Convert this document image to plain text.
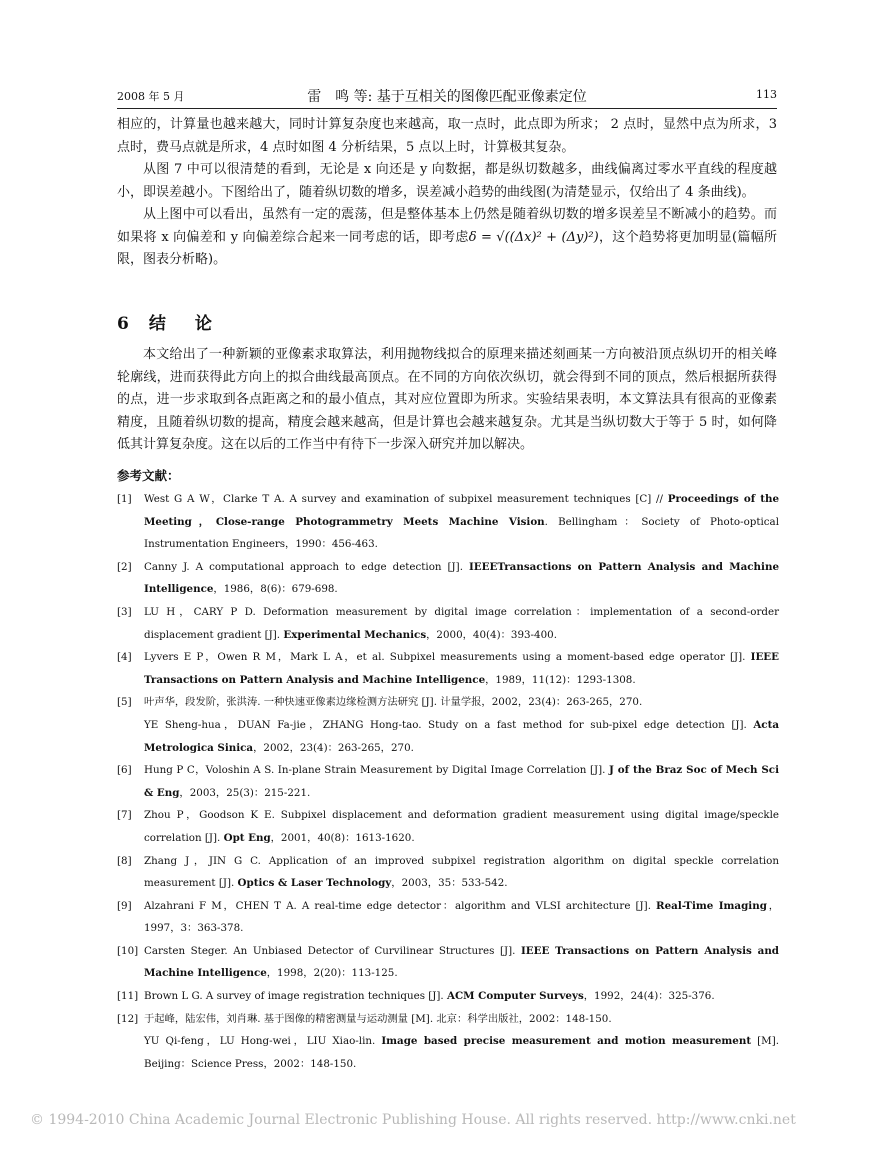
2008 年 5 月	雷　鸣 等: 基于互相关的图像匹配亚像素定位	113

相应的，计算量也越来越大，同时计算复杂度也来越高，取一点时，此点即为所求； 2 点时，显然中点为所求，3 点时，费马点就是所求，4 点时如图 4 分析结果，5 点以上时，计算极其复杂。

从图 7 中可以很清楚的看到，无论是 x 向还是 y 向数据，都是纵切数越多，曲线偏离过零水平直线的程度越小，即误差越小。下图给出了，随着纵切数的增多，误差减小趋势的曲线图(为清楚显示，仅给出了 4 条曲线)。

从上图中可以看出，虽然有一定的震荡，但是整体基本上仍然是随着纵切数的增多误差呈不断减小的趋势。而如果将 x 向偏差和 y 向偏差综合起来一同考虑的话，即考虑δ = √((Δx)² + (Δy)²)，这个趋势将更加明显(篇幅所限，图表分析略)。

6 结　论

本文给出了一种新颖的亚像素求取算法，利用抛物线拟合的原理来描述刻画某一方向被沿顶点纵切开的相关峰轮廓线，进而获得此方向上的拟合曲线最高顶点。在不同的方向依次纵切，就会得到不同的顶点，然后根据所获得的点，进一步求取到各点距离之和的最小值点，其对应位置即为所求。实验结果表明，本文算法具有很高的亚像素精度，且随着纵切数的提高，精度会越来越高，但是计算也会越来越复杂。尤其是当纵切数大于等于 5 时，如何降低其计算复杂度。这在以后的工作当中有待下一步深入研究并加以解决。

参考文献：
[1] West G A W，Clarke T A. A survey and examination of subpixel measurement techniques [C] // Proceedings of the Meeting，Close-range Photogrammetry Meets Machine Vision. Bellingham：Society of Photo-optical Instrumentation Engineers，1990：456-463.
[2] Canny J. A computational approach to edge detection [J]. IEEETransactions on Pattern Analysis and Machine Intelligence，1986，8(6)：679-698.
[3] LU H，CARY P D. Deformation measurement by digital image correlation：implementation of a second-order displacement gradient [J]. Experimental Mechanics，2000，40(4)：393-400.
[4] Lyvers E P，Owen R M，Mark L A，et al. Subpixel measurements using a moment-based edge operator [J]. IEEE Transactions on Pattern Analysis and Machine Intelligence，1989，11(12)：1293-1308.
[5] 叶声华，段发阶，张洪涛. 一种快速亚像素边缘检测方法研究 [J]. 计量学报，2002，23(4)：263-265，270.
YE Sheng-hua，DUAN Fa-jie，ZHANG Hong-tao. Study on a fast method for sub-pixel edge detection [J]. Acta Metrologica Sinica，2002，23(4)：263-265，270.
[6] Hung P C，Voloshin A S. In-plane Strain Measurement by Digital Image Correlation [J]. J of the Braz Soc of Mech Sci & Eng，2003，25(3)：215-221.
[7] Zhou P，Goodson K E. Subpixel displacement and deformation gradient measurement using digital image/speckle correlation [J]. Opt Eng，2001，40(8)：1613-1620.
[8] Zhang J，JIN G C. Application of an improved subpixel registration algorithm on digital speckle correlation measurement [J]. Optics & Laser Technology，2003，35：533-542.
[9] Alzahrani F M，CHEN T A. A real-time edge detector：algorithm and VLSI architecture [J]. Real-Time Imaging，1997，3：363-378.
[10] Carsten Steger. An Unbiased Detector of Curvilinear Structures [J]. IEEE Transactions on Pattern Analysis and Machine Intelligence，1998，2(20)：113-125.
[11] Brown L G. A survey of image registration techniques [J]. ACM Computer Surveys，1992，24(4)：325-376.
[12] 于起峰，陆宏伟，刘肖琳. 基于图像的精密测量与运动测量 [M]. 北京：科学出版社，2002：148-150.
YU Qi-feng，LU Hong-wei，LIU Xiao-lin. Image based precise measurement and motion measurement [M]. Beijing：Science Press，2002：148-150.
© 1994-2010 China Academic Journal Electronic Publishing House. All rights reserved. http://www.cnki.net
